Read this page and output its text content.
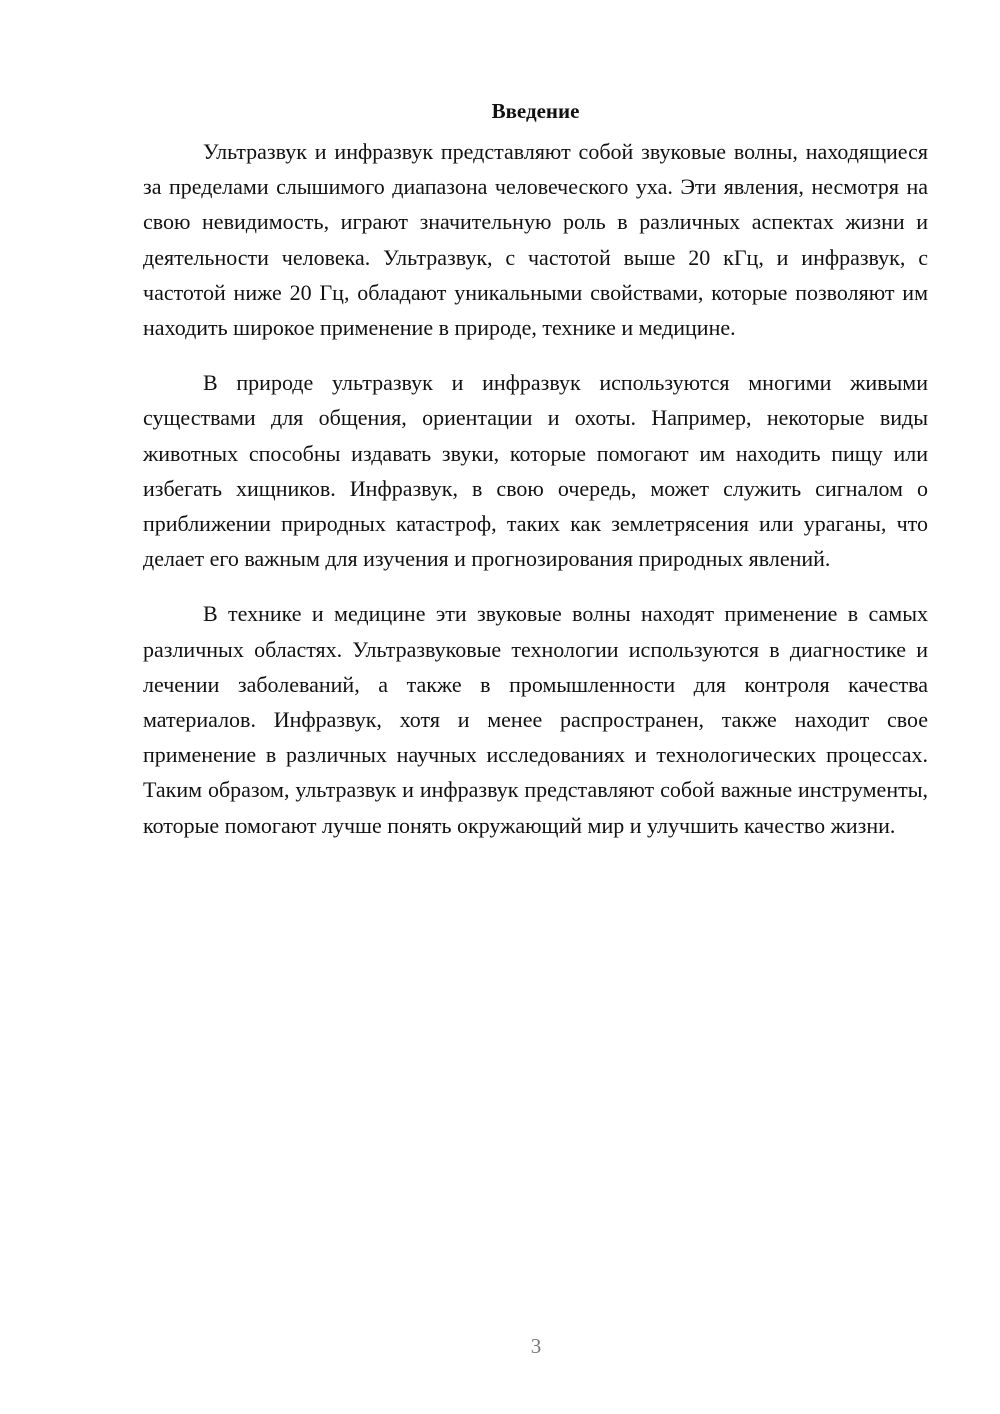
Введение

Ультразвук и инфразвук представляют собой звуковые волны, находящиеся за пределами слышимого диапазона человеческого уха. Эти явления, несмотря на свою невидимость, играют значительную роль в различных аспектах жизни и деятельности человека. Ультразвук, с частотой выше 20 кГц, и инфразвук, с частотой ниже 20 Гц, обладают уникальными свойствами, которые позволяют им находить широкое применение в природе, технике и медицине.

В природе ультразвук и инфразвук используются многими живыми существами для общения, ориентации и охоты. Например, некоторые виды животных способны издавать звуки, которые помогают им находить пищу или избегать хищников. Инфразвук, в свою очередь, может служить сигналом о приближении природных катастроф, таких как землетрясения или ураганы, что делает его важным для изучения и прогнозирования природных явлений.

В технике и медицине эти звуковые волны находят применение в самых различных областях. Ультразвуковые технологии используются в диагностике и лечении заболеваний, а также в промышленности для контроля качества материалов. Инфразвук, хотя и менее распространен, также находит свое применение в различных научных исследованиях и технологических процессах. Таким образом, ультразвук и инфразвук представляют собой важные инструменты, которые помогают лучше понять окружающий мир и улучшить качество жизни.

3
